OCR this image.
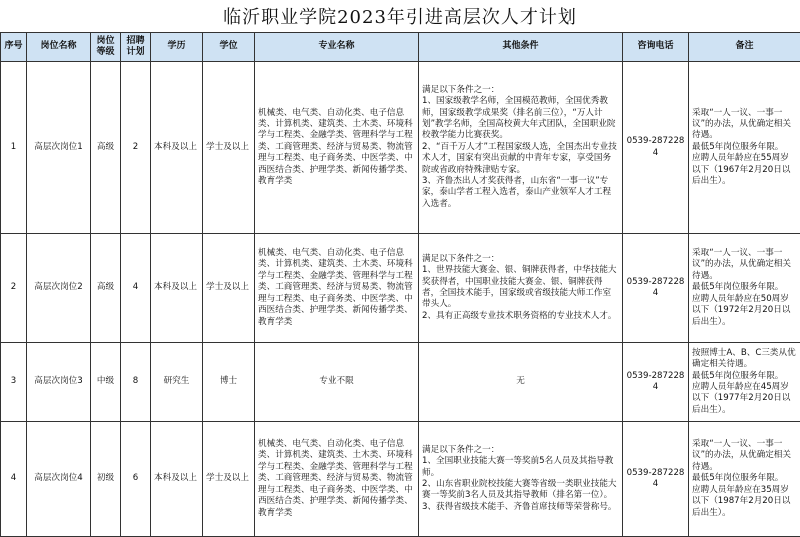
临沂职业学院2023年引进高层次人才计划
序号	岗位名称	岗位等级	招聘计划	学历	学位	专业名称	其他条件	咨询电话	备注
1	高层次岗位1	高级	2	本科及以上	学士及以上	机械类、电气类、自动化类、电子信息类、计算机类、建筑类、土木类、环境科学与工程类、金融学类、管理科学与工程类、工商管理类、经济与贸易类、物流管理与工程类、电子商务类、中医学类、中西医结合类、护理学类、新闻传播学类、教育学类	满足以下条件之一：
1、国家级教学名师，全国模范教师，全国优秀教师，国家级教学成果奖（排名前三位），“万人计划”教学名师，全国高校黄大年式团队，全国职业院校教学能力比赛获奖。
2、“百千万人才”工程国家级人选，全国杰出专业技术人才，国家有突出贡献的中青年专家，享受国务院或省政府特殊津贴专家。
3、齐鲁杰出人才奖获得者，山东省“一事一议”专家，泰山学者工程入选者，泰山产业领军人才工程入选者。	0539-2872284	采取“一人一议、一事一议”的办法，从优确定相关待遇。
最低5年岗位服务年限。
应聘人员年龄应在55周岁以下（1967年2月20日以后出生）。

2	高层次岗位2	高级	4	本科及以上	学士及以上	机械类、电气类、自动化类、电子信息类、计算机类、建筑类、土木类、环境科学与工程类、金融学类、管理科学与工程类、工商管理类、经济与贸易类、物流管理与工程类、电子商务类、中医学类、中西医结合类、护理学类、新闻传播学类、教育学类	满足以下条件之一：
1、世界技能大赛金、银、铜牌获得者，中华技能大奖获得者，中国职业技能大赛金、银、铜牌获得者，全国技术能手，国家级或省级技能大师工作室带头人。
2、具有正高级专业技术职务资格的专业技术人才。	0539-2872284	采取“一人一议、一事一议”的办法，从优确定相关待遇。
最低5年岗位服务年限。
应聘人员年龄应在50周岁以下（1972年2月20日以后出生）。

3	高层次岗位3	中级	8	研究生	博士	专业不限	无	0539-2872284	按照博士A、B、C三类从优确定相关待遇。
最低5年岗位服务年限。
应聘人员年龄应在45周岁以下（1977年2月20日以后出生）。

4	高层次岗位4	初级	6	本科及以上	学士及以上	机械类、电气类、自动化类、电子信息类、计算机类、建筑类、土木类、环境科学与工程类、金融学类、管理科学与工程类、工商管理类、经济与贸易类、物流管理与工程类、电子商务类、中医学类、中西医结合类、护理学类、新闻传播学类、教育学类	满足以下条件之一：
1、全国职业技能大赛一等奖前5名人员及其指导教师。
2、山东省职业院校技能大赛等省级一类职业技能大赛一等奖前3名人员及其指导教师（排名第一位）。
3、获得省级技术能手、齐鲁首席技师等荣誉称号。	0539-2872284	采取“一人一议、一事一议”的办法，从优确定相关待遇。
最低5年岗位服务年限。
应聘人员年龄应在35周岁以下（1987年2月20日以后出生）。
